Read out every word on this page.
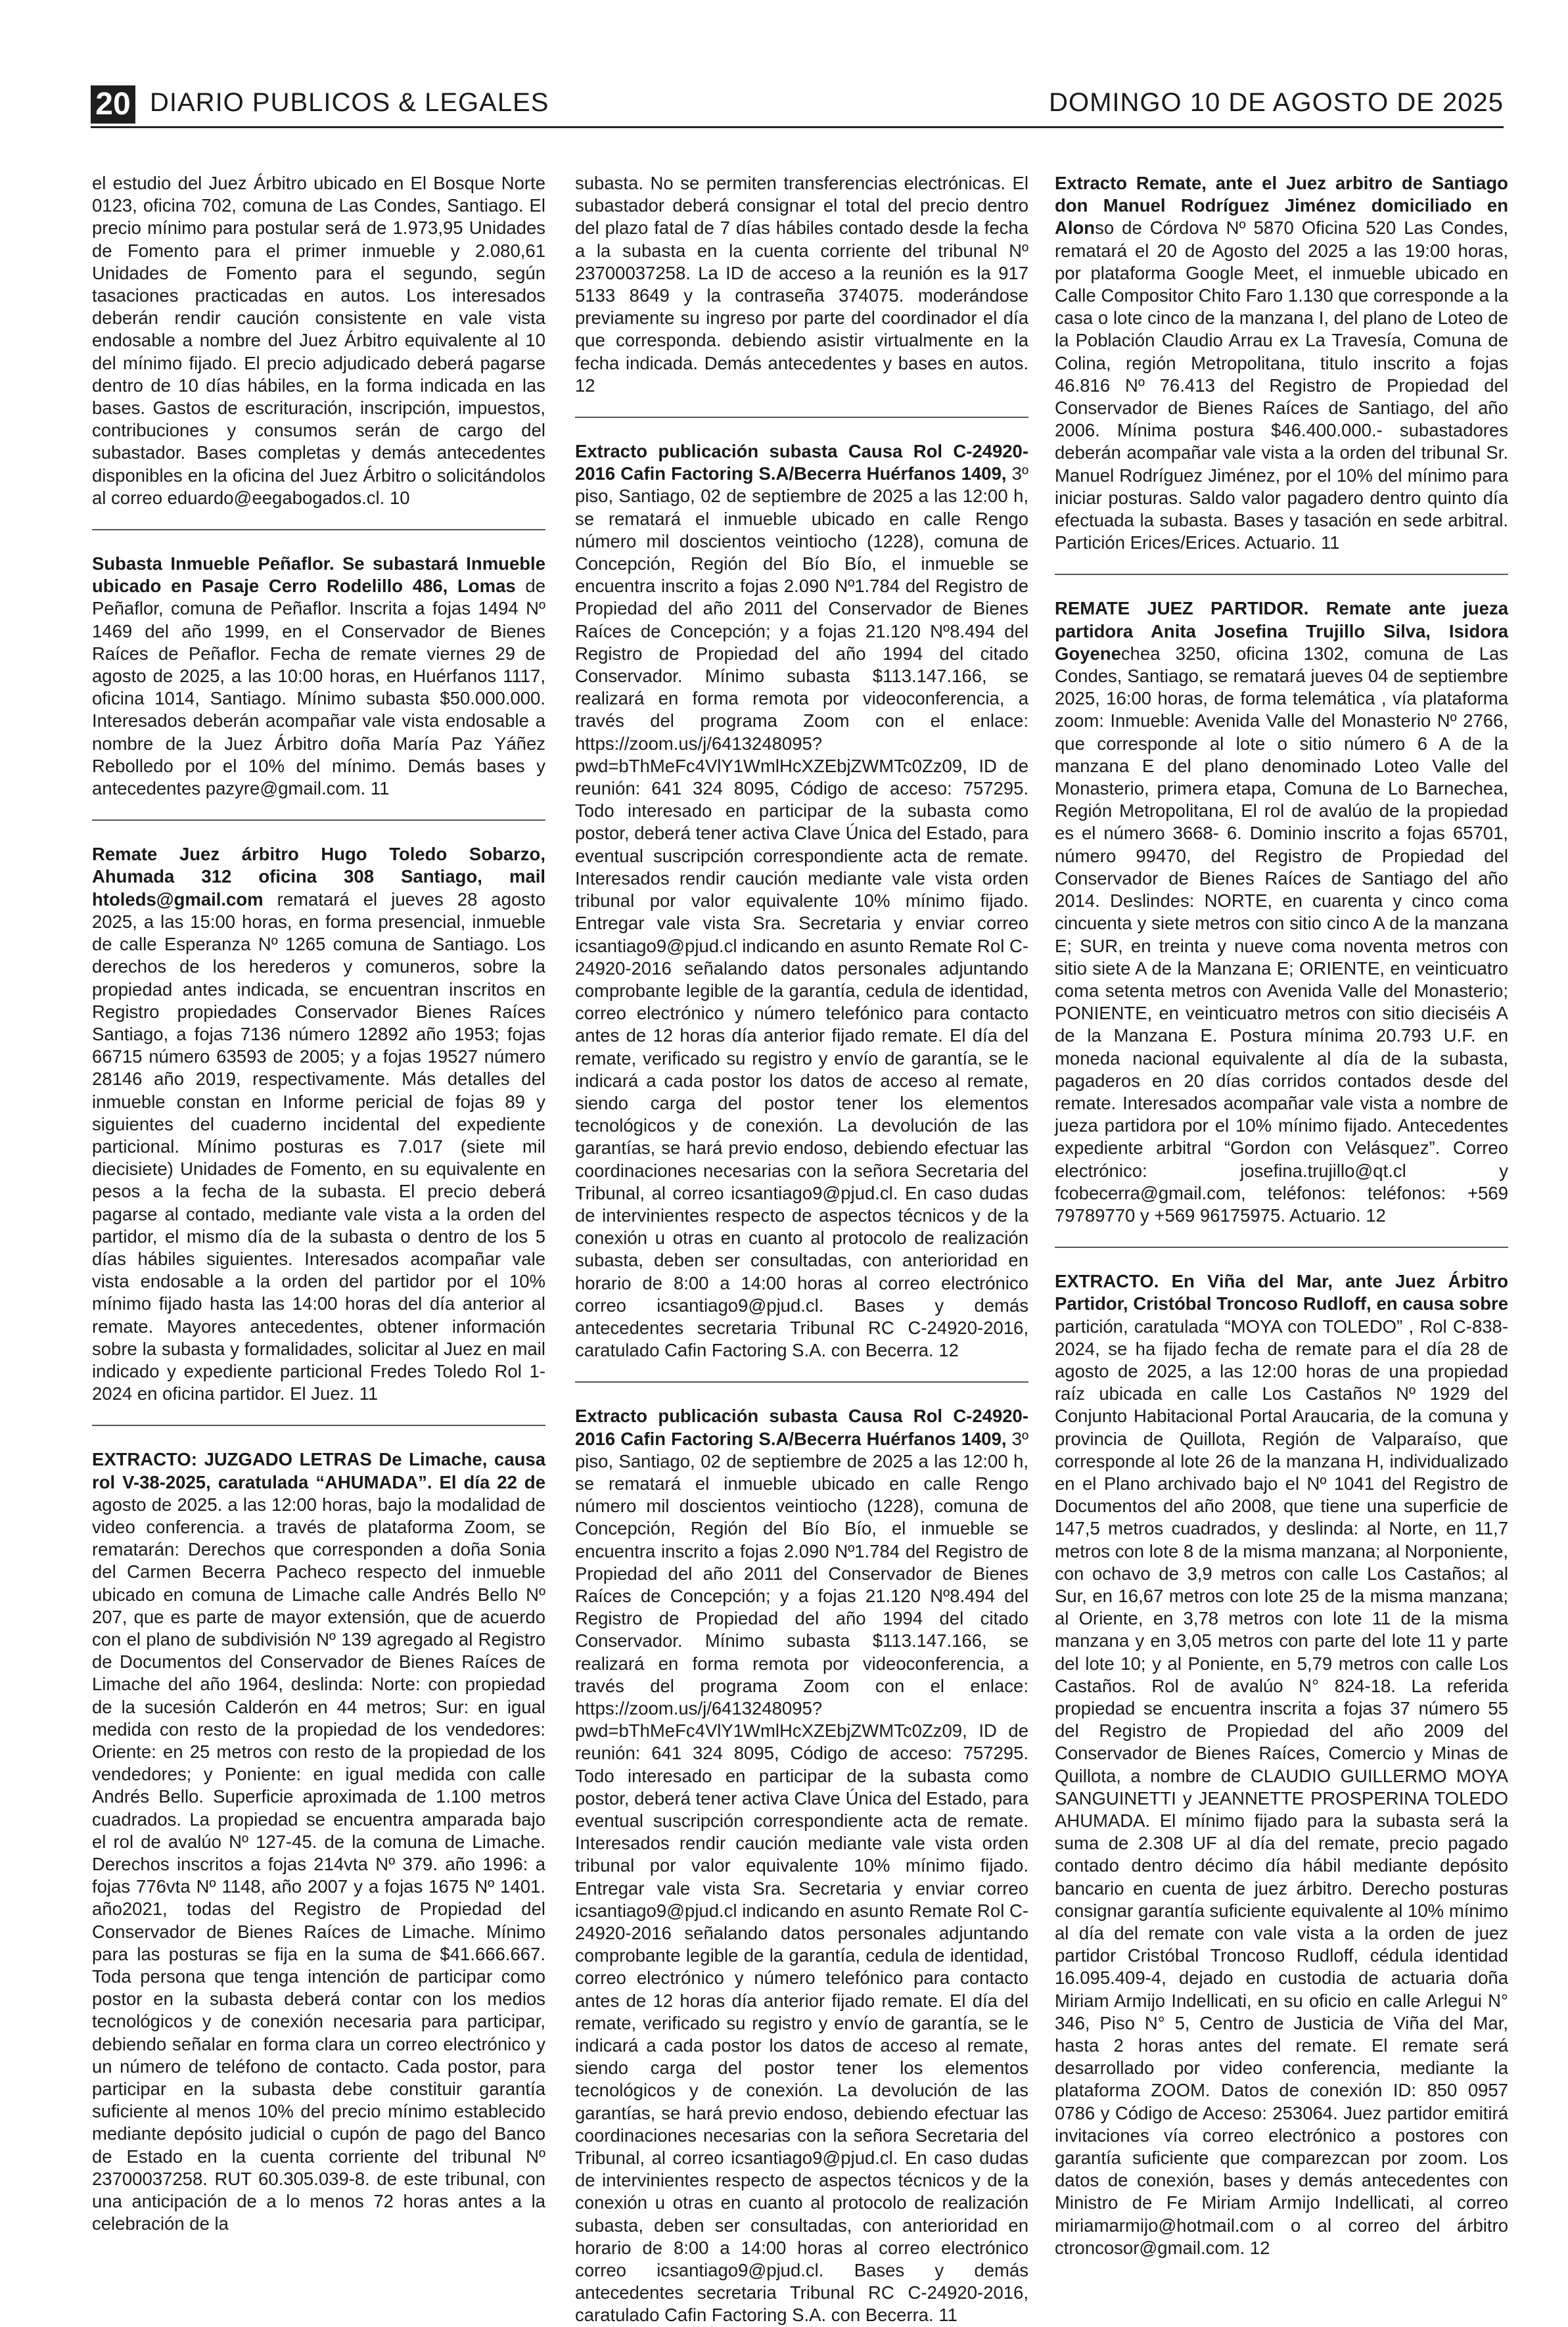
20 DIARIO PUBLICOS & LEGALES	DOMINGO 10 DE AGOSTO DE 2025

el estudio del Juez Árbitro ubicado en El Bosque Norte 0123, oficina 702, comuna de Las Condes, Santiago. El precio mínimo para postular será de 1.973,95 Unidades de Fomento para el primer inmueble y 2.080,61 Unidades de Fomento para el segundo, según tasaciones practicadas en autos. Los interesados deberán rendir caución consistente en vale vista endosable a nombre del Juez Árbitro equivalente al 10 del mínimo fijado. El precio adjudicado deberá pagarse dentro de 10 días hábiles, en la forma indicada en las bases. Gastos de escrituración, inscripción, impuestos, contribuciones y consumos serán de cargo del subastador. Bases completas y demás antecedentes disponibles en la oficina del Juez Árbitro o solicitándolos al correo eduardo@eegabogados.cl. 10

Subasta Inmueble Peñaflor. Se subastará Inmueble ubicado en Pasaje Cerro Rodelillo 486, Lomas de Peñaflor, comuna de Peñaflor. Inscrita a fojas 1494 Nº 1469 del año 1999, en el Conservador de Bienes Raíces de Peñaflor. Fecha de remate viernes 29 de agosto de 2025, a las 10:00 horas, en Huérfanos 1117, oficina 1014, Santiago. Mínimo subasta $50.000.000. Interesados deberán acompañar vale vista endosable a nombre de la Juez Árbitro doña María Paz Yáñez Rebolledo por el 10% del mínimo. Demás bases y antecedentes pazyre@gmail.com. 11

Remate Juez árbitro Hugo Toledo Sobarzo, Ahumada 312 oficina 308 Santiago, mail htoleds@gmail.com rematará el jueves 28 agosto 2025, a las 15:00 horas, en forma presencial, inmueble de calle Esperanza Nº 1265 comuna de Santiago. Los derechos de los herederos y comuneros, sobre la propiedad antes indicada, se encuentran inscritos en Registro propiedades Conservador Bienes Raíces Santiago, a fojas 7136 número 12892 año 1953; fojas 66715 número 63593 de 2005; y a fojas 19527 número 28146 año 2019, respectivamente. Más detalles del inmueble constan en Informe pericial de fojas 89 y siguientes del cuaderno incidental del expediente particional. Mínimo posturas es 7.017 (siete mil diecisiete) Unidades de Fomento, en su equivalente en pesos a la fecha de la subasta. El precio deberá pagarse al contado, mediante vale vista a la orden del partidor, el mismo día de la subasta o dentro de los 5 días hábiles siguientes. Interesados acompañar vale vista endosable a la orden del partidor por el 10% mínimo fijado hasta las 14:00 horas del día anterior al remate. Mayores antecedentes, obtener información sobre la subasta y formalidades, solicitar al Juez en mail indicado y expediente particional Fredes Toledo Rol 1-2024 en oficina partidor. El Juez. 11

EXTRACTO: JUZGADO LETRAS De Limache, causa rol V-38-2025, caratulada “AHUMADA”. El día 22 de agosto de 2025. a las 12:00 horas, bajo la modalidad de video conferencia. a través de plataforma Zoom, se rematarán: Derechos que corresponden a doña Sonia del Carmen Becerra Pacheco respecto del inmueble ubicado en comuna de Limache calle Andrés Bello Nº 207, que es parte de mayor extensión, que de acuerdo con el plano de subdivisión Nº 139 agregado al Registro de Documentos del Conservador de Bienes Raíces de Limache del año 1964, deslinda: Norte: con propiedad de la sucesión Calderón en 44 metros; Sur: en igual medida con resto de la propiedad de los vendedores: Oriente: en 25 metros con resto de la propiedad de los vendedores; y Poniente: en igual medida con calle Andrés Bello. Superficie aproximada de 1.100 metros cuadrados. La propiedad se encuentra amparada bajo el rol de avalúo Nº 127-45. de la comuna de Limache. Derechos inscritos a fojas 214vta Nº 379. año 1996: a fojas 776vta Nº 1148, año 2007 y a fojas 1675 Nº 1401. año2021, todas del Registro de Propiedad del Conservador de Bienes Raíces de Limache. Mínimo para las posturas se fija en la suma de $41.666.667. Toda persona que tenga intención de participar como postor en la subasta deberá contar con los medios tecnológicos y de conexión necesaria para participar, debiendo señalar en forma clara un correo electrónico y un número de teléfono de contacto. Cada postor, para participar en la subasta debe constituir garantía suficiente al menos 10% del precio mínimo establecido mediante depósito judicial o cupón de pago del Banco de Estado en la cuenta corriente del tribunal Nº 23700037258. RUT 60.305.039-8. de este tribunal, con una anticipación de a lo menos 72 horas antes a la celebración de la

subasta. No se permiten transferencias electrónicas. El subastador deberá consignar el total del precio dentro del plazo fatal de 7 días hábiles contado desde la fecha a la subasta en la cuenta corriente del tribunal Nº 23700037258. La ID de acceso a la reunión es la 917 5133 8649 y la contraseña 374075. moderándose previamente su ingreso por parte del coordinador el día que corresponda. debiendo asistir virtualmente en la fecha indicada. Demás antecedentes y bases en autos. 12

Extracto publicación subasta Causa Rol C-24920-2016 Cafin Factoring S.A/Becerra Huérfanos 1409, 3º piso, Santiago, 02 de septiembre de 2025 a las 12:00 h, se rematará el inmueble ubicado en calle Rengo número mil doscientos veintiocho (1228), comuna de Concepción, Región del Bío Bío, el inmueble se encuentra inscrito a fojas 2.090 Nº1.784 del Registro de Propiedad del año 2011 del Conservador de Bienes Raíces de Concepción; y a fojas 21.120 Nº8.494 del Registro de Propiedad del año 1994 del citado Conservador. Mínimo subasta $113.147.166, se realizará en forma remota por videoconferencia, a través del programa Zoom con el enlace: https://zoom.us/j/6413248095?pwd=bThMeFc4VlY1WmlHcXZEbjZWMTc0Zz09, ID de reunión: 641 324 8095, Código de acceso: 757295. Todo interesado en participar de la subasta como postor, deberá tener activa Clave Única del Estado, para eventual suscripción correspondiente acta de remate. Interesados rendir caución mediante vale vista orden tribunal por valor equivalente 10% mínimo fijado. Entregar vale vista Sra. Secretaria y enviar correo icsantiago9@pjud.cl indicando en asunto Remate Rol C-24920-2016 señalando datos personales adjuntando comprobante legible de la garantía, cedula de identidad, correo electrónico y número telefónico para contacto antes de 12 horas día anterior fijado remate. El día del remate, verificado su registro y envío de garantía, se le indicará a cada postor los datos de acceso al remate, siendo carga del postor tener los elementos tecnológicos y de conexión. La devolución de las garantías, se hará previo endoso, debiendo efectuar las coordinaciones necesarias con la señora Secretaria del Tribunal, al correo icsantiago9@pjud.cl. En caso dudas de intervinientes respecto de aspectos técnicos y de la conexión u otras en cuanto al protocolo de realización subasta, deben ser consultadas, con anterioridad en horario de 8:00 a 14:00 horas al correo electrónico correo icsantiago9@pjud.cl. Bases y demás antecedentes secretaria Tribunal RC C-24920-2016, caratulado Cafin Factoring S.A. con Becerra. 12

Extracto publicación subasta Causa Rol C-24920-2016 Cafin Factoring S.A/Becerra Huérfanos 1409, 3º piso, Santiago, 02 de septiembre de 2025 a las 12:00 h, se rematará el inmueble ubicado en calle Rengo número mil doscientos veintiocho (1228), comuna de Concepción, Región del Bío Bío, el inmueble se encuentra inscrito a fojas 2.090 Nº1.784 del Registro de Propiedad del año 2011 del Conservador de Bienes Raíces de Concepción; y a fojas 21.120 Nº8.494 del Registro de Propiedad del año 1994 del citado Conservador. Mínimo subasta $113.147.166, se realizará en forma remota por videoconferencia, a través del programa Zoom con el enlace: https://zoom.us/j/6413248095?pwd=bThMeFc4VlY1WmlHcXZEbjZWMTc0Zz09, ID de reunión: 641 324 8095, Código de acceso: 757295. Todo interesado en participar de la subasta como postor, deberá tener activa Clave Única del Estado, para eventual suscripción correspondiente acta de remate. Interesados rendir caución mediante vale vista orden tribunal por valor equivalente 10% mínimo fijado. Entregar vale vista Sra. Secretaria y enviar correo icsantiago9@pjud.cl indicando en asunto Remate Rol C-24920-2016 señalando datos personales adjuntando comprobante legible de la garantía, cedula de identidad, correo electrónico y número telefónico para contacto antes de 12 horas día anterior fijado remate. El día del remate, verificado su registro y envío de garantía, se le indicará a cada postor los datos de acceso al remate, siendo carga del postor tener los elementos tecnológicos y de conexión. La devolución de las garantías, se hará previo endoso, debiendo efectuar las coordinaciones necesarias con la señora Secretaria del Tribunal, al correo icsantiago9@pjud.cl. En caso dudas de intervinientes respecto de aspectos técnicos y de la conexión u otras en cuanto al protocolo de realización subasta, deben ser consultadas, con anterioridad en horario de 8:00 a 14:00 horas al correo electrónico correo icsantiago9@pjud.cl. Bases y demás antecedentes secretaria Tribunal RC C-24920-2016, caratulado Cafin Factoring S.A. con Becerra. 11

Extracto Remate, ante el Juez arbitro de Santiago don Manuel Rodríguez Jiménez domiciliado en Alonso de Córdova Nº 5870 Oficina 520 Las Condes, rematará el 20 de Agosto del 2025 a las 19:00 horas, por plataforma Google Meet, el inmueble ubicado en Calle Compositor Chito Faro 1.130 que corresponde a la casa o lote cinco de la manzana I, del plano de Loteo de la Población Claudio Arrau ex La Travesía, Comuna de Colina, región Metropolitana, titulo inscrito a fojas 46.816 Nº 76.413 del Registro de Propiedad del Conservador de Bienes Raíces de Santiago, del año 2006. Mínima postura $46.400.000.- subastadores deberán acompañar vale vista a la orden del tribunal Sr. Manuel Rodríguez Jiménez, por el 10% del mínimo para iniciar posturas. Saldo valor pagadero dentro quinto día efectuada la subasta. Bases y tasación en sede arbitral. Partición Erices/Erices. Actuario. 11

REMATE JUEZ PARTIDOR. Remate ante jueza partidora Anita Josefina Trujillo Silva, Isidora Goyenechea 3250, oficina 1302, comuna de Las Condes, Santiago, se rematará jueves 04 de septiembre 2025, 16:00 horas, de forma telemática , vía plataforma zoom: Inmueble: Avenida Valle del Monasterio Nº 2766, que corresponde al lote o sitio número 6 A de la manzana E del plano denominado Loteo Valle del Monasterio, primera etapa, Comuna de Lo Barnechea, Región Metropolitana, El rol de avalúo de la propiedad es el número 3668- 6. Dominio inscrito a fojas 65701, número 99470, del Registro de Propiedad del Conservador de Bienes Raíces de Santiago del año 2014. Deslindes: NORTE, en cuarenta y cinco coma cincuenta y siete metros con sitio cinco A de la manzana E; SUR, en treinta y nueve coma noventa metros con sitio siete A de la Manzana E; ORIENTE, en veinticuatro coma setenta metros con Avenida Valle del Monasterio; PONIENTE, en veinticuatro metros con sitio dieciséis A de la Manzana E. Postura mínima 20.793 U.F. en moneda nacional equivalente al día de la subasta, pagaderos en 20 días corridos contados desde del remate. Interesados acompañar vale vista a nombre de jueza partidora por el 10% mínimo fijado. Antecedentes expediente arbitral “Gordon con Velásquez”. Correo electrónico: josefina.trujillo@qt.cl y fcobecerra@gmail.com, teléfonos: teléfonos: +569 79789770 y +569 96175975. Actuario. 12

EXTRACTO. En Viña del Mar, ante Juez Árbitro Partidor, Cristóbal Troncoso Rudloff, en causa sobre partición, caratulada “MOYA con TOLEDO” , Rol C-838-2024, se ha fijado fecha de remate para el día 28 de agosto de 2025, a las 12:00 horas de una propiedad raíz ubicada en calle Los Castaños Nº 1929 del Conjunto Habitacional Portal Araucaria, de la comuna y provincia de Quillota, Región de Valparaíso, que corresponde al lote 26 de la manzana H, individualizado en el Plano archivado bajo el Nº 1041 del Registro de Documentos del año 2008, que tiene una superficie de 147,5 metros cuadrados, y deslinda: al Norte, en 11,7 metros con lote 8 de la misma manzana; al Norponiente, con ochavo de 3,9 metros con calle Los Castaños; al Sur, en 16,67 metros con lote 25 de la misma manzana; al Oriente, en 3,78 metros con lote 11 de la misma manzana y en 3,05 metros con parte del lote 11 y parte del lote 10; y al Poniente, en 5,79 metros con calle Los Castaños. Rol de avalúo N° 824-18. La referida propiedad se encuentra inscrita a fojas 37 número 55 del Registro de Propiedad del año 2009 del Conservador de Bienes Raíces, Comercio y Minas de Quillota, a nombre de CLAUDIO GUILLERMO MOYA SANGUINETTI y JEANNETTE PROSPERINA TOLEDO AHUMADA. El mínimo fijado para la subasta será la suma de 2.308 UF al día del remate, precio pagado contado dentro décimo día hábil mediante depósito bancario en cuenta de juez árbitro. Derecho posturas consignar garantía suficiente equivalente al 10% mínimo al día del remate con vale vista a la orden de juez partidor Cristóbal Troncoso Rudloff, cédula identidad 16.095.409-4, dejado en custodia de actuaria doña Miriam Armijo Indellicati, en su oficio en calle Arlegui N° 346, Piso N° 5, Centro de Justicia de Viña del Mar, hasta 2 horas antes del remate. El remate será desarrollado por video conferencia, mediante la plataforma ZOOM. Datos de conexión ID: 850 0957 0786 y Código de Acceso: 253064. Juez partidor emitirá invitaciones vía correo electrónico a postores con garantía suficiente que comparezcan por zoom. Los datos de conexión, bases y demás antecedentes con Ministro de Fe Miriam Armijo Indellicati, al correo miriamarmijo@hotmail.com o al correo del árbitro ctroncosor@gmail.com. 12
